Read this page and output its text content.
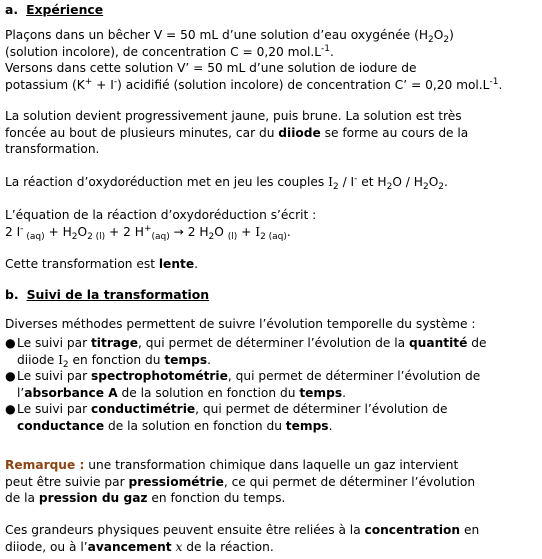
a. Expérience

Plaçons dans un bêcher V = 50 mL d’une solution d’eau oxygénée $(H_2O_2)$
(solution incolore), de concentration C = 0,20 $mol.L^{-1}$.
Versons dans cette solution V’ = 50 mL d’une solution de iodure de
potassium (K+ + I-) acidifié (solution incolore) de concentration C’ = 0,20 $mol.L^{-1}$.

La solution devient progressivement jaune, puis brune. La solution est très
foncée au bout de plusieurs minutes, car du diiode se forme au cours de la
transformation.

La réaction d’oxydoréduction met en jeu les couples $I_2 / I^-$ et $H_2O / H_2O_2$.

L’équation de la réaction d’oxydoréduction s’écrit :
2 I- $_{(aq)} + H_2O_{2 (l)} + 2$ $H^+_{(aq)} \to 2$ $H_2O$ $_{(l)} + I_{2 (aq)}$.

Cette transformation est lente.

b. Suivi de la transformation

Diverses méthodes permettent de suivre l’évolution temporelle du système :

● Le suivi par titrage, qui permet de déterminer l’évolution de la quantité de
diiode $I_2$ en fonction du temps.
● Le suivi par spectrophotométrie, qui permet de déterminer l’évolution de
l’absorbance A de la solution en fonction du temps.
● Le suivi par conductimétrie, qui permet de déterminer l’évolution de
conductance de la solution en fonction du temps.

Remarque : une transformation chimique dans laquelle un gaz intervient
peut être suivie par pressiométrie, ce qui permet de déterminer l’évolution
de la pression du gaz en fonction du temps.

Ces grandeurs physiques peuvent ensuite être reliées à la concentration en
diiode, ou à l’avancement x de la réaction.
